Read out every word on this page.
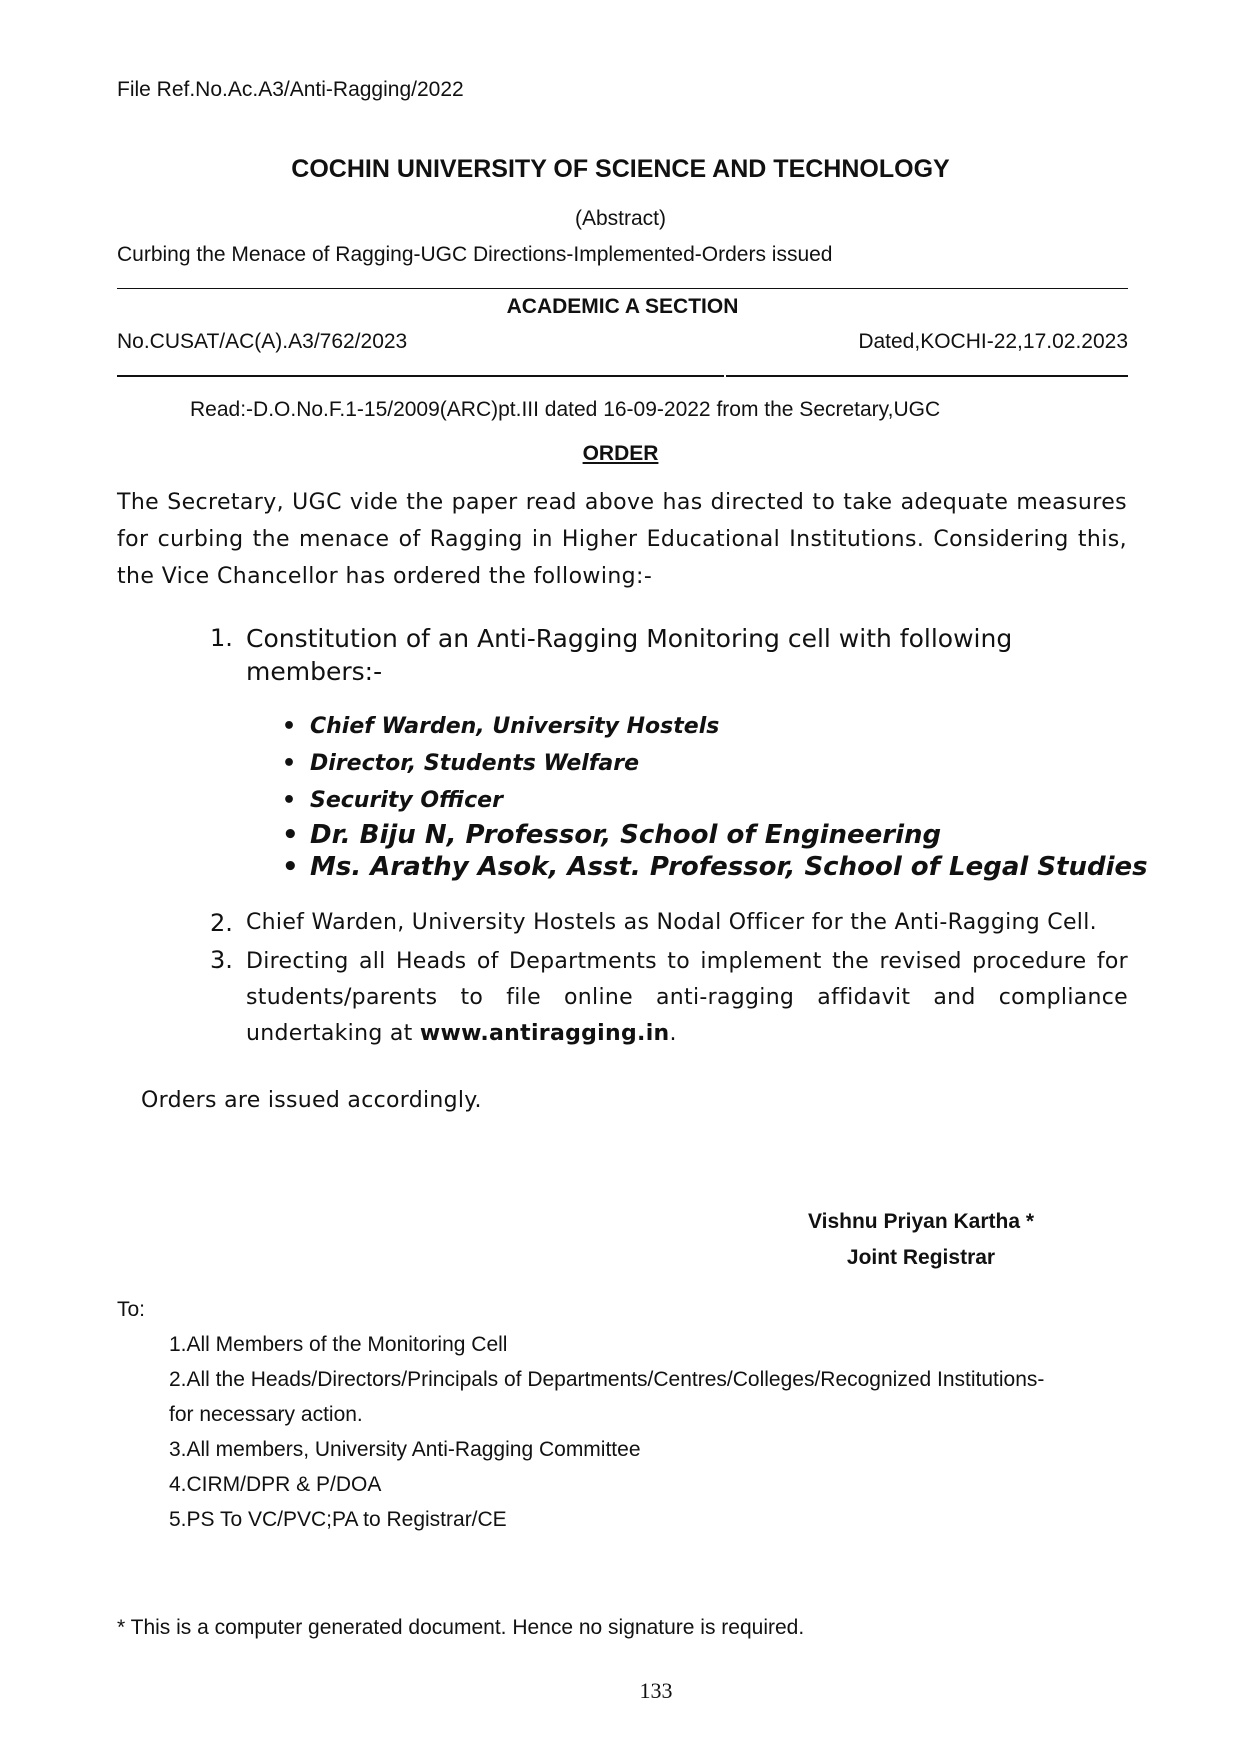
File Ref.No.Ac.A3/Anti-Ragging/2022
COCHIN UNIVERSITY OF SCIENCE AND TECHNOLOGY
(Abstract)
Curbing the Menace of Ragging-UGC Directions-Implemented-Orders issued
ACADEMIC A SECTION
No.CUSAT/AC(A).A3/762/2023	Dated,KOCHI-22,17.02.2023
Read:-D.O.No.F.1-15/2009(ARC)pt.III dated 16-09-2022 from the Secretary,UGC
ORDER
The Secretary, UGC vide the paper read above has directed to take adequate measures for curbing the menace of Ragging in Higher Educational Institutions. Considering this, the Vice Chancellor has ordered the following:-
1. Constitution of an Anti-Ragging Monitoring cell with following members:-
• Chief Warden, University Hostels
• Director, Students Welfare
• Security Officer
• Dr. Biju N, Professor, School of Engineering
• Ms. Arathy Asok, Asst. Professor, School of Legal Studies
2. Chief Warden, University Hostels as Nodal Officer for the Anti-Ragging Cell.
3. Directing all Heads of Departments to implement the revised procedure for students/parents to file online anti-ragging affidavit and compliance undertaking at www.antiragging.in.
Orders are issued accordingly.
Vishnu Priyan Kartha *
Joint Registrar
To:
1.All Members of the Monitoring Cell
2.All the Heads/Directors/Principals of Departments/Centres/Colleges/Recognized Institutions-
for necessary action.
3.All members, University Anti-Ragging Committee
4.CIRM/DPR & P/DOA
5.PS To VC/PVC;PA to Registrar/CE
* This is a computer generated document. Hence no signature is required.
133
